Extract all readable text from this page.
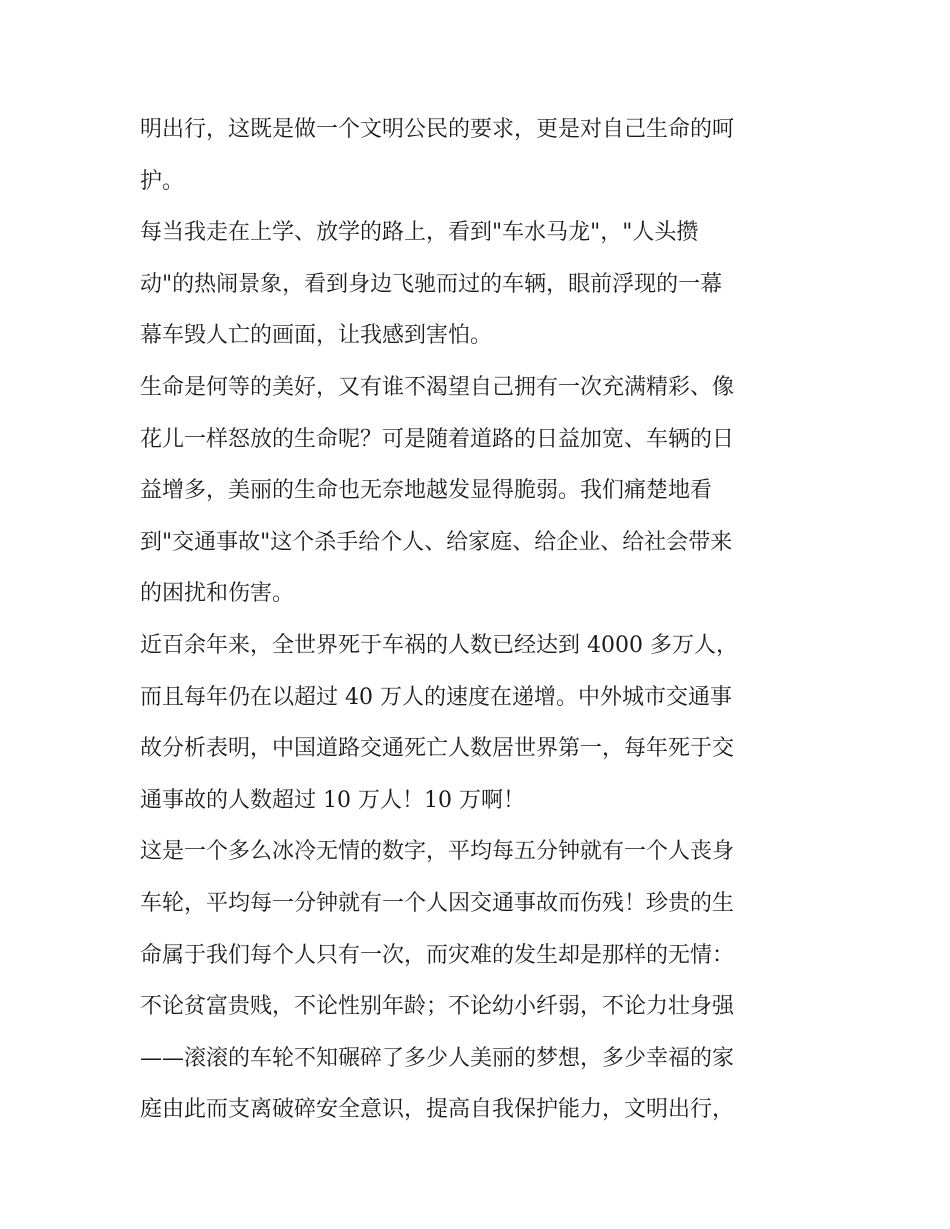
明出行，这既是做一个文明公民的要求，更是对自己生命的呵
护。
每当我走在上学、放学的路上，看到"车水马龙"，"人头攒
动"的热闹景象，看到身边飞驰而过的车辆，眼前浮现的一幕
幕车毁人亡的画面，让我感到害怕。
生命是何等的美好，又有谁不渴望自己拥有一次充满精彩、像
花儿一样怒放的生命呢？可是随着道路的日益加宽、车辆的日
益增多，美丽的生命也无奈地越发显得脆弱。我们痛楚地看
到"交通事故"这个杀手给个人、给家庭、给企业、给社会带来
的困扰和伤害。
近百余年来，全世界死于车祸的人数已经达到 4000 多万人，
而且每年仍在以超过 40 万人的速度在递增。中外城市交通事
故分析表明，中国道路交通死亡人数居世界第一，每年死于交
通事故的人数超过 10 万人！10 万啊！
这是一个多么冰冷无情的数字，平均每五分钟就有一个人丧身
车轮，平均每一分钟就有一个人因交通事故而伤残！珍贵的生
命属于我们每个人只有一次，而灾难的发生却是那样的无情：
不论贫富贵贱，不论性别年龄；不论幼小纤弱，不论力壮身强
——滚滚的车轮不知碾碎了多少人美丽的梦想，多少幸福的家
庭由此而支离破碎安全意识，提高自我保护能力，文明出行，
